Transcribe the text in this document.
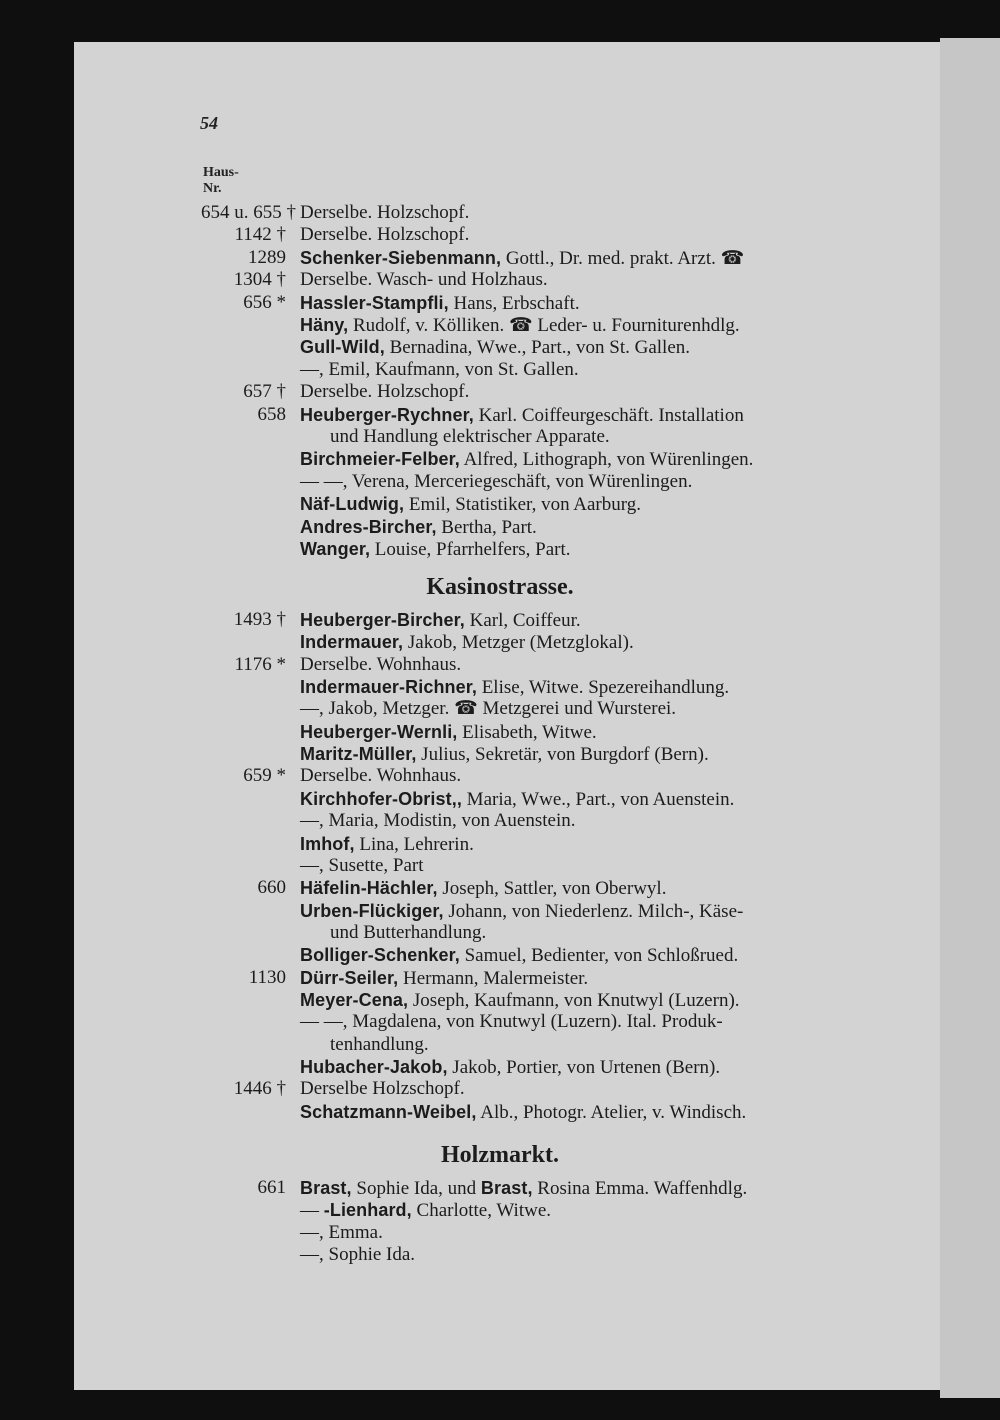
54
Haus-
Nr.
654 u. 655 † Derselbe. Holzschopf.
1142 † Derselbe. Holzschopf.
1289 Schenker-Siebenmann, Gottl., Dr. med. prakt. Arzt. ☎
1304 † Derselbe. Wasch- und Holzhaus.
656 * Hassler-Stampfli, Hans, Erbschaft.
Häny, Rudolf, v. Kölliken. ☎ Leder- u. Fourniturenhdlg.
Gull-Wild, Bernadina, Wwe., Part., von St. Gallen.
—, Emil, Kaufmann, von St. Gallen.
657 † Derselbe. Holzschopf.
658 Heuberger-Rychner, Karl. Coiffeurgeschäft. Installation
und Handlung elektrischer Apparate.
Birchmeier-Felber, Alfred, Lithograph, von Würenlingen.
— —, Verena, Merceriegeschäft, von Würenlingen.
Näf-Ludwig, Emil, Statistiker, von Aarburg.
Andres-Bircher, Bertha, Part.
Wanger, Louise, Pfarrhelfers, Part.
Kasinostrasse.
1493 † Heuberger-Bircher, Karl, Coiffeur.
Indermauer, Jakob, Metzger (Metzglokal).
1176 * Derselbe. Wohnhaus.
Indermauer-Richner, Elise, Witwe. Spezereihandlung.
—, Jakob, Metzger. ☎ Metzgerei und Wursterei.
Heuberger-Wernli, Elisabeth, Witwe.
Maritz-Müller, Julius, Sekretär, von Burgdorf (Bern).
659 * Derselbe. Wohnhaus.
Kirchhofer-Obrist,, Maria, Wwe., Part., von Auenstein.
—, Maria, Modistin, von Auenstein.
Imhof, Lina, Lehrerin.
—, Susette, Part
660 Häfelin-Hächler, Joseph, Sattler, von Oberwyl.
Urben-Flückiger, Johann, von Niederlenz. Milch-, Käse-
und Butterhandlung.
Bolliger-Schenker, Samuel, Bedienter, von Schloßrued.
1130 Dürr-Seiler, Hermann, Malermeister.
Meyer-Cena, Joseph, Kaufmann, von Knutwyl (Luzern).
— —, Magdalena, von Knutwyl (Luzern). Ital. Produk-
tenhandlung.
Hubacher-Jakob, Jakob, Portier, von Urtenen (Bern).
1446 † Derselbe Holzschopf.
Schatzmann-Weibel, Alb., Photogr. Atelier, v. Windisch.
Holzmarkt.
661 Brast, Sophie Ida, und Brast, Rosina Emma. Waffenhdlg.
— -Lienhard, Charlotte, Witwe.
—, Emma.
—, Sophie Ida.
